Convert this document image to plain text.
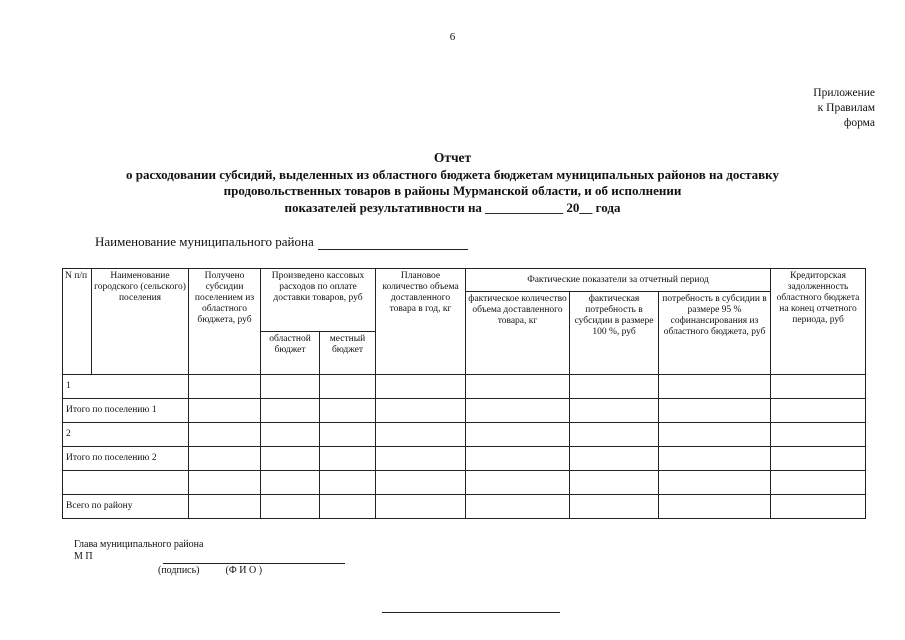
6
Приложение
к Правилам
форма
Отчет
о расходовании субсидий, выделенных из областного бюджета бюджетам муниципальных районов на доставку
продовольственных товаров в районы Мурманской области, и об исполнении
показателей результативности на ____________ 20__ года
Наименование муниципального района
N п/п	Наименование городского (сельского) поселения	Получено субсидии поселением из областного бюджета, руб	Произведено кассовых расходов по оплате доставки товаров, руб		Плановое количество объема доставленного товара в год, кг	Фактические показатели за отчетный период			Кредиторская задолженность областного бюджета на конец отчетного периода, руб
						фактическое количество объема доставленного товара, кг	фактическая потребность в субсидии в размере 100 %, руб	потребность в субсидии в размере 95 % софинансирования из областного бюджета, руб	
			областной бюджет	местный бюджет					
1									
Итого по поселению 1									
2									
Итого по поселению 2									

Всего по району									
Глава муниципального района
М П
(подпись)	(Ф И О )
